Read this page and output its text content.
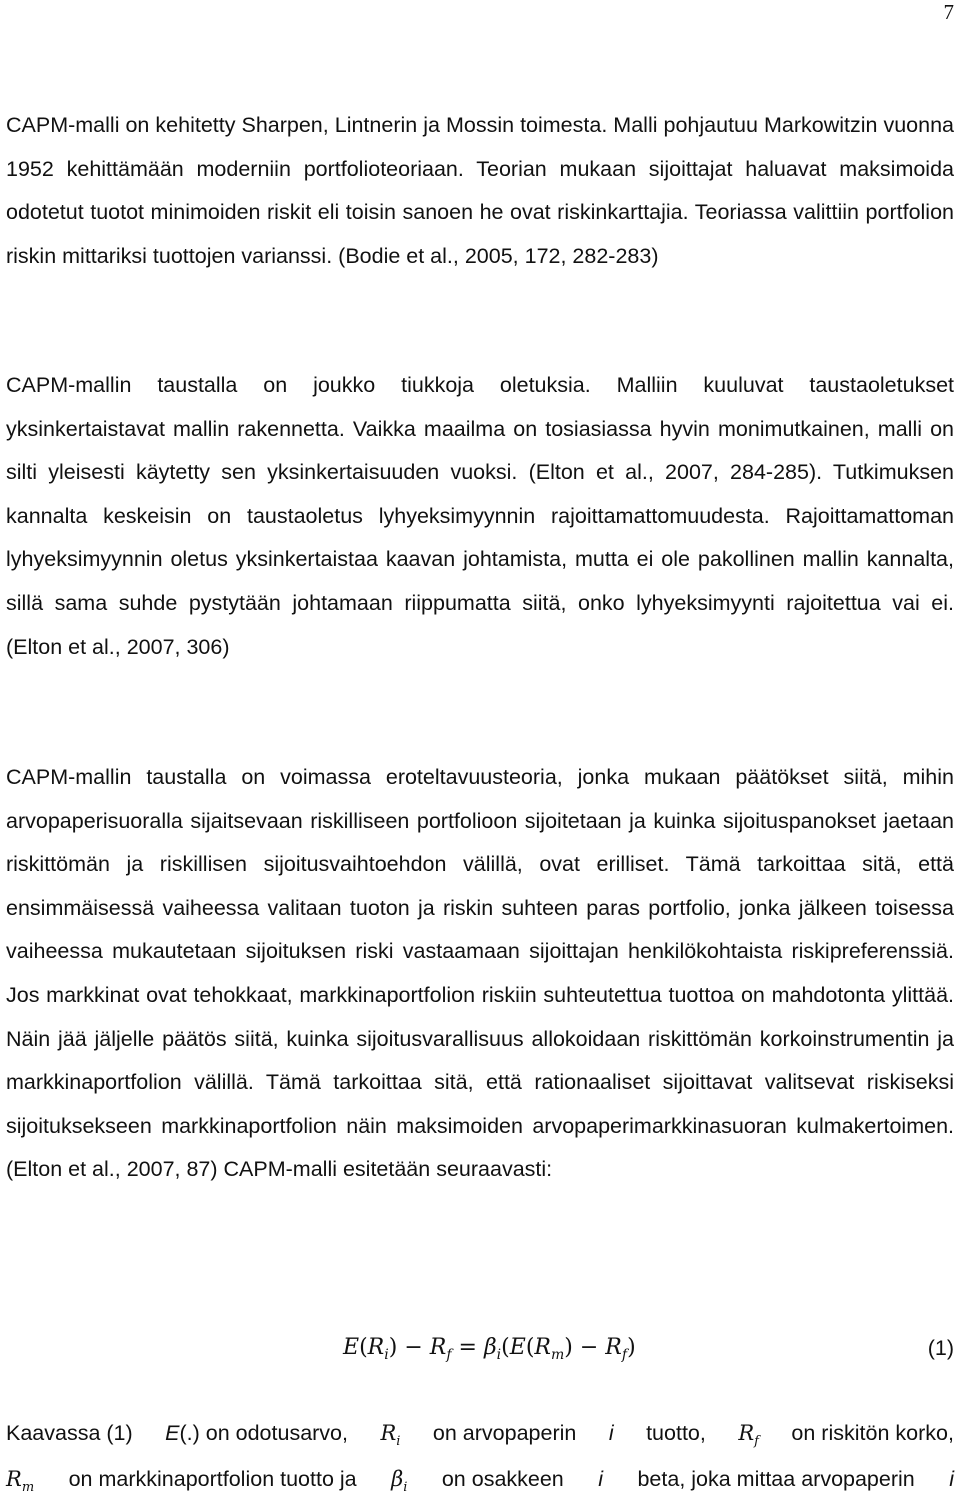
7

CAPM-malli on kehitetty Sharpen, Lintnerin ja Mossin toimesta. Malli pohjautuu Markowitzin vuonna 1952 kehittämään moderniin portfolioteoriaan. Teorian mukaan sijoittajat haluavat maksimoida odotetut tuotot minimoiden riskit eli toisin sanoen he ovat riskinkarttajia. Teoriassa valittiin portfolion riskin mittariksi tuottojen varianssi. (Bodie et al., 2005, 172, 282-283)

CAPM-mallin taustalla on joukko tiukkoja oletuksia. Malliin kuuluvat taustaoletukset yksinkertaistavat mallin rakennetta. Vaikka maailma on tosiasiassa hyvin monimutkainen, malli on silti yleisesti käytetty sen yksinkertaisuuden vuoksi. (Elton et al., 2007, 284-285). Tutkimuksen kannalta keskeisin on taustaoletus lyhyeksimyynnin rajoittamattomuudesta. Rajoittamattoman lyhyeksimyynnin oletus yksinkertaistaa kaavan johtamista, mutta ei ole pakollinen mallin kannalta, sillä sama suhde pystytään johtamaan riippumatta siitä, onko lyhyeksimyynti rajoitettua vai ei. (Elton et al., 2007, 306)

CAPM-mallin taustalla on voimassa eroteltavuusteoria, jonka mukaan päätökset siitä, mihin arvopaperisuoralla sijaitsevaan riskilliseen portfolioon sijoitetaan ja kuinka sijoituspanokset jaetaan riskittömän ja riskillisen sijoitusvaihtoehdon välillä, ovat erilliset. Tämä tarkoittaa sitä, että ensimmäisessä vaiheessa valitaan tuoton ja riskin suhteen paras portfolio, jonka jälkeen toisessa vaiheessa mukautetaan sijoituksen riski vastaamaan sijoittajan henkilökohtaista riskipreferenssiä. Jos markkinat ovat tehokkaat, markkinaportfolion riskiin suhteutettua tuottoa on mahdotonta ylittää. Näin jää jäljelle päätös siitä, kuinka sijoitusvarallisuus allokoidaan riskittömän korkoinstrumentin ja markkinaportfolion välillä. Tämä tarkoittaa sitä, että rationaaliset sijoittavat valitsevat riskiseksi sijoituksekseen markkinaportfolion näin maksimoiden arvopaperimarkkinasuoran kulmakertoimen. (Elton et al., 2007, 87) CAPM-malli esitetään seuraavasti:

$E(R_i) - R_f = \beta_i(E(R_m) - R_f)$	(1)
Kaavassa (1) E(.) on odotusarvo, $R_i$ on arvopaperin i tuotto, $R_f$ on riskitön korko,
$R_m$ on markkinaportfolion tuotto ja $\beta_i$ on osakkeen i beta, joka mittaa arvopaperin i
